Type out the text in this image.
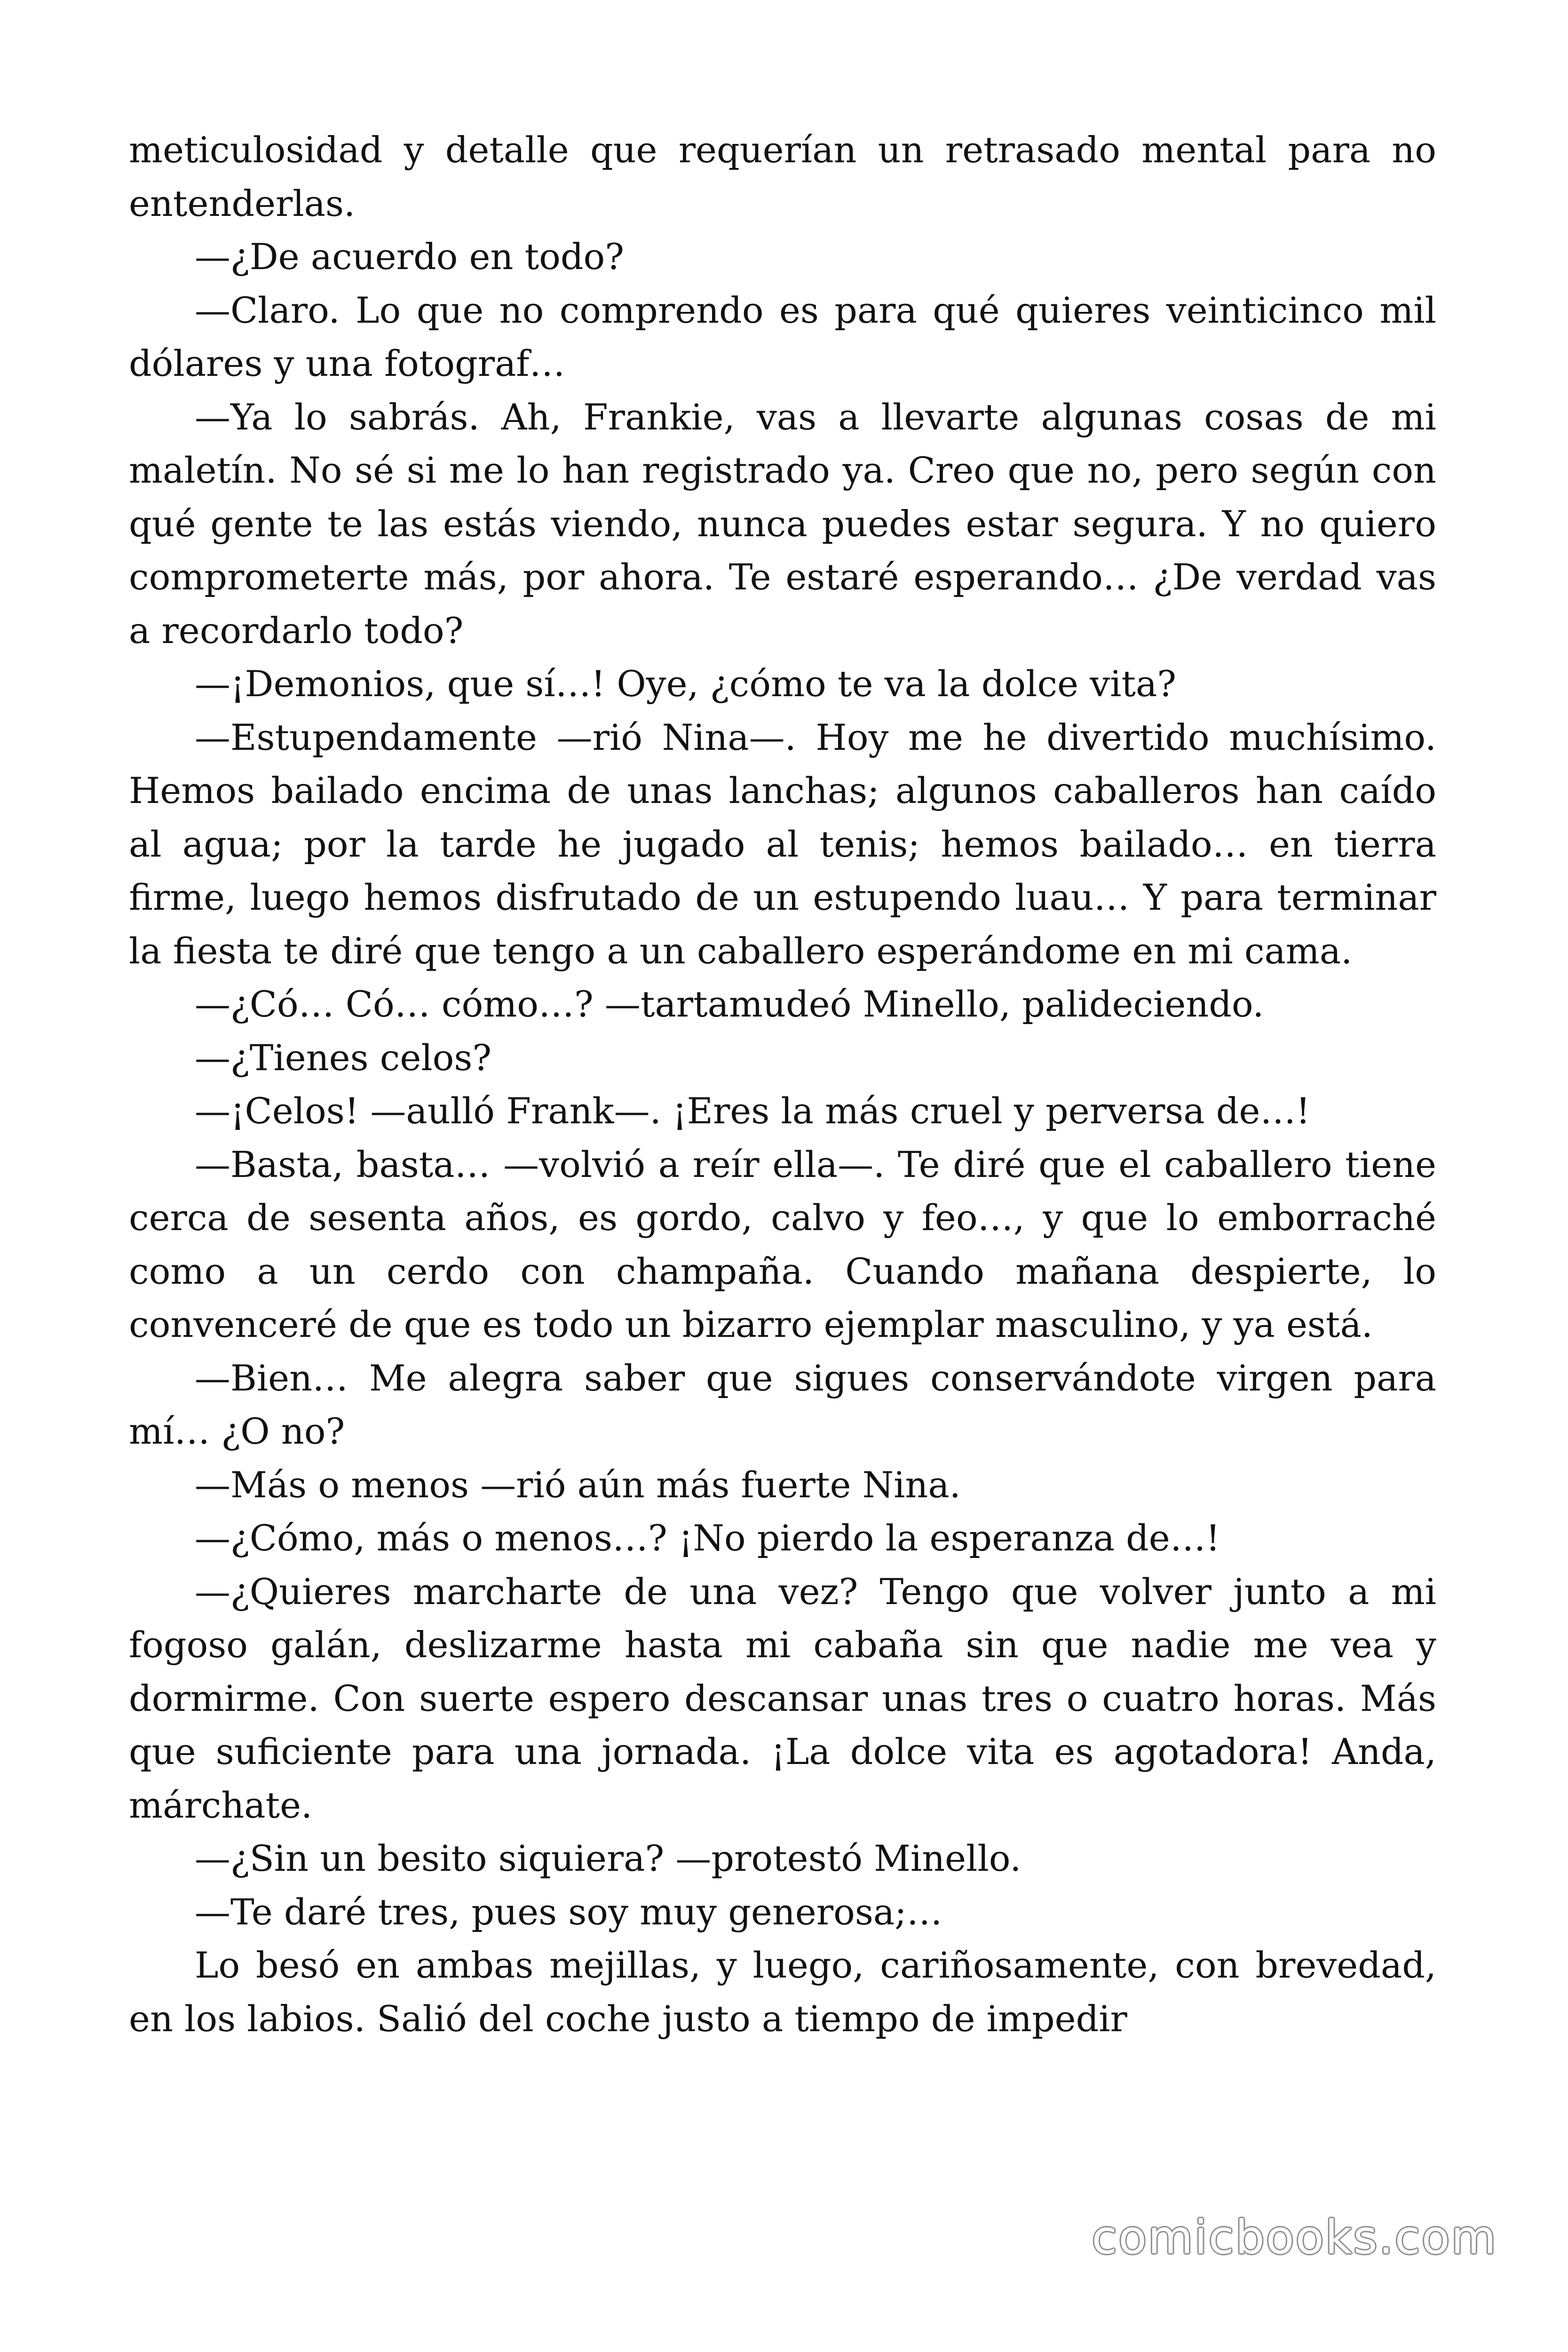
meticulosidad y detalle que requerían un retrasado mental para no entenderlas.

—¿De acuerdo en todo?

—Claro. Lo que no comprendo es para qué quieres veinticinco mil dólares y una fotograf…

—Ya lo sabrás. Ah, Frankie, vas a llevarte algunas cosas de mi maletín. No sé si me lo han registrado ya. Creo que no, pero según con qué gente te las estás viendo, nunca puedes estar segura. Y no quiero comprometerte más, por ahora. Te estaré esperando… ¿De verdad vas a recordarlo todo?

—¡Demonios, que sí…! Oye, ¿cómo te va la dolce vita?

—Estupendamente —rió Nina—. Hoy me he divertido muchísimo. Hemos bailado encima de unas lanchas; algunos caballeros han caído al agua; por la tarde he jugado al tenis; hemos bailado… en tierra firme, luego hemos disfrutado de un estupendo luau… Y para terminar la fiesta te diré que tengo a un caballero esperándome en mi cama.

—¿Có… Có… cómo…? —tartamudeó Minello, palideciendo.

—¿Tienes celos?

—¡Celos! —aulló Frank—. ¡Eres la más cruel y perversa de…!

—Basta, basta… —volvió a reír ella—. Te diré que el caballero tiene cerca de sesenta años, es gordo, calvo y feo…, y que lo emborraché como a un cerdo con champaña. Cuando mañana despierte, lo convenceré de que es todo un bizarro ejemplar masculino, y ya está.

—Bien… Me alegra saber que sigues conservándote virgen para mí… ¿O no?

—Más o menos —rió aún más fuerte Nina.

—¿Cómo, más o menos…? ¡No pierdo la esperanza de…!

—¿Quieres marcharte de una vez? Tengo que volver junto a mi fogoso galán, deslizarme hasta mi cabaña sin que nadie me vea y dormirme. Con suerte espero descansar unas tres o cuatro horas. Más que suficiente para una jornada. ¡La dolce vita es agotadora! Anda, márchate.

—¿Sin un besito siquiera? —protestó Minello.

—Te daré tres, pues soy muy generosa;…

Lo besó en ambas mejillas, y luego, cariñosamente, con brevedad, en los labios. Salió del coche justo a tiempo de impedir

comicbooks.com
